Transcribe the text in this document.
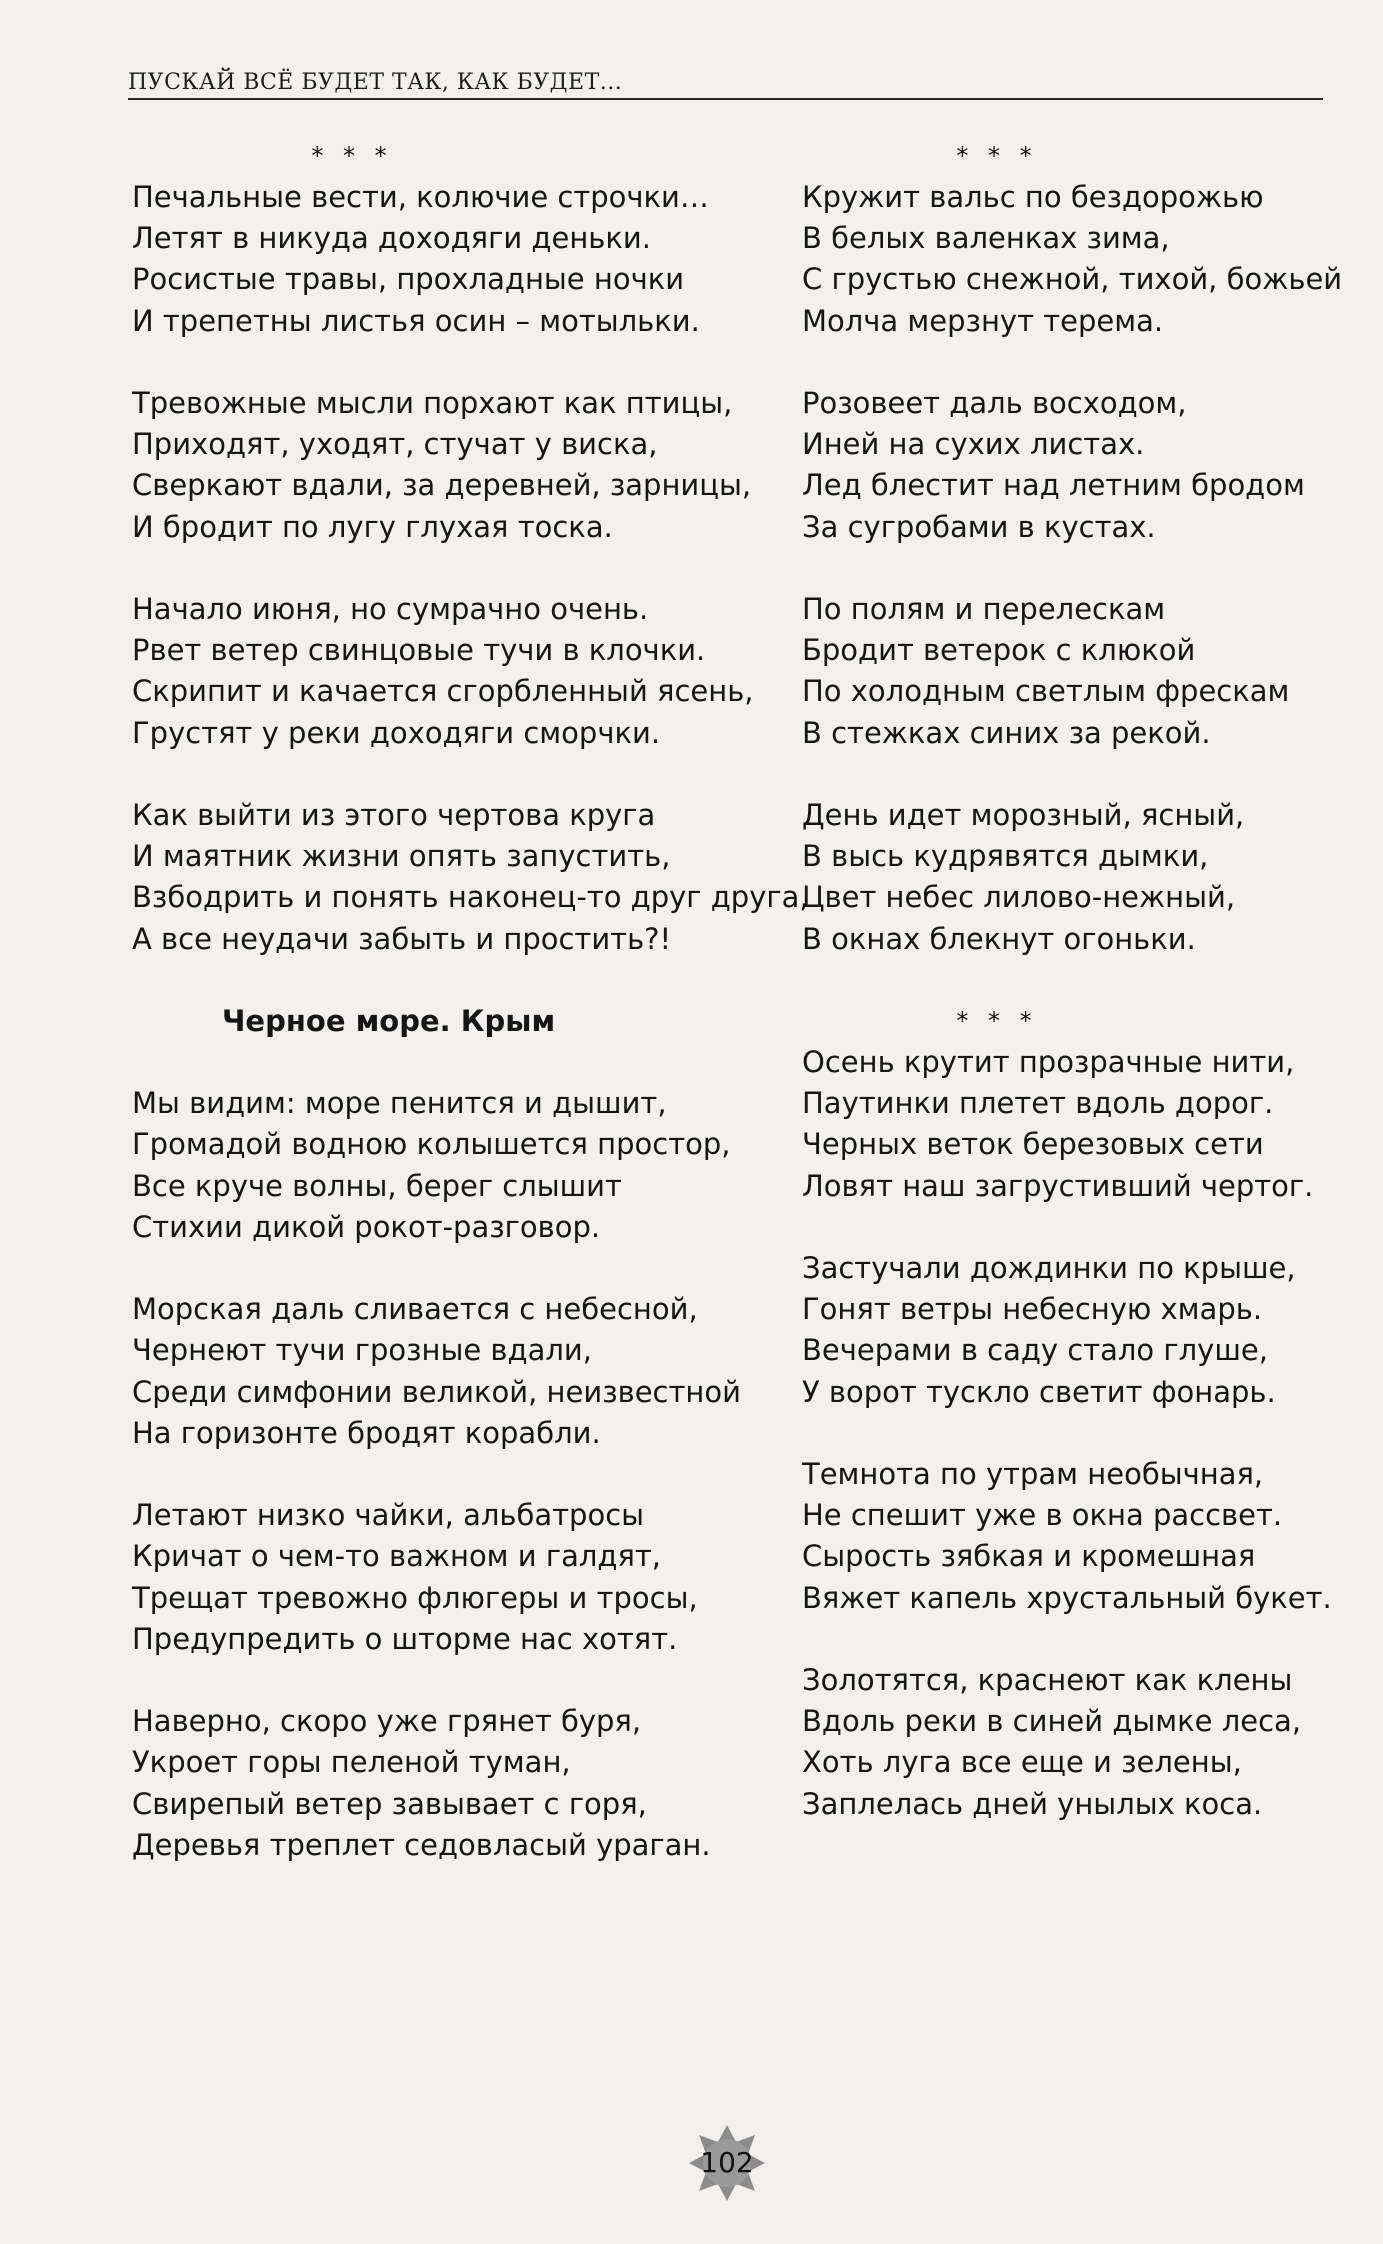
ПУСКАЙ ВСЁ БУДЕТ ТАК, КАК БУДЕТ...
* * *
Печальные вести, колючие строчки…
Летят в никуда доходяги деньки.
Росистые травы, прохладные ночки
И трепетны листья осин – мотыльки.
Тревожные мысли порхают как птицы,
Приходят, уходят, стучат у виска,
Сверкают вдали, за деревней, зарницы,
И бродит по лугу глухая тоска.
Начало июня, но сумрачно очень.
Рвет ветер свинцовые тучи в клочки.
Скрипит и качается сгорбленный ясень,
Грустят у реки доходяги сморчки.
Как выйти из этого чертова круга
И маятник жизни опять запустить,
Взбодрить и понять наконец-то друг друга,
А все неудачи забыть и простить?!
Черное море. Крым
Мы видим: море пенится и дышит,
Громадой водною колышется простор,
Все круче волны, берег слышит
Стихии дикой рокот-разговор.
Морская даль сливается с небесной,
Чернеют тучи грозные вдали,
Среди симфонии великой, неизвестной
На горизонте бродят корабли.
Летают низко чайки, альбатросы
Кричат о чем-то важном и галдят,
Трещат тревожно флюгеры и тросы,
Предупредить о шторме нас хотят.
Наверно, скоро уже грянет буря,
Укроет горы пеленой туман,
Свирепый ветер завывает с горя,
Деревья треплет седовласый ураган.
* * *
Кружит вальс по бездорожью
В белых валенках зима,
С грустью снежной, тихой, божьей
Молча мерзнут терема.
Розовеет даль восходом,
Иней на сухих листах.
Лед блестит над летним бродом
За сугробами в кустах.
По полям и перелескам
Бродит ветерок с клюкой
По холодным светлым фрескам
В стежках синих за рекой.
День идет морозный, ясный,
В высь кудрявятся дымки,
Цвет небес лилово-нежный,
В окнах блекнут огоньки.
* * *
Осень крутит прозрачные нити,
Паутинки плетет вдоль дорог.
Черных веток березовых сети
Ловят наш загрустивший чертог.
Застучали дождинки по крыше,
Гонят ветры небесную хмарь.
Вечерами в саду стало глуше,
У ворот тускло светит фонарь.
Темнота по утрам необычная,
Не спешит уже в окна рассвет.
Сырость зябкая и кромешная
Вяжет капель хрустальный букет.
Золотятся, краснеют как клены
Вдоль реки в синей дымке леса,
Хоть луга все еще и зелены,
Заплелась дней унылых коса.
102
